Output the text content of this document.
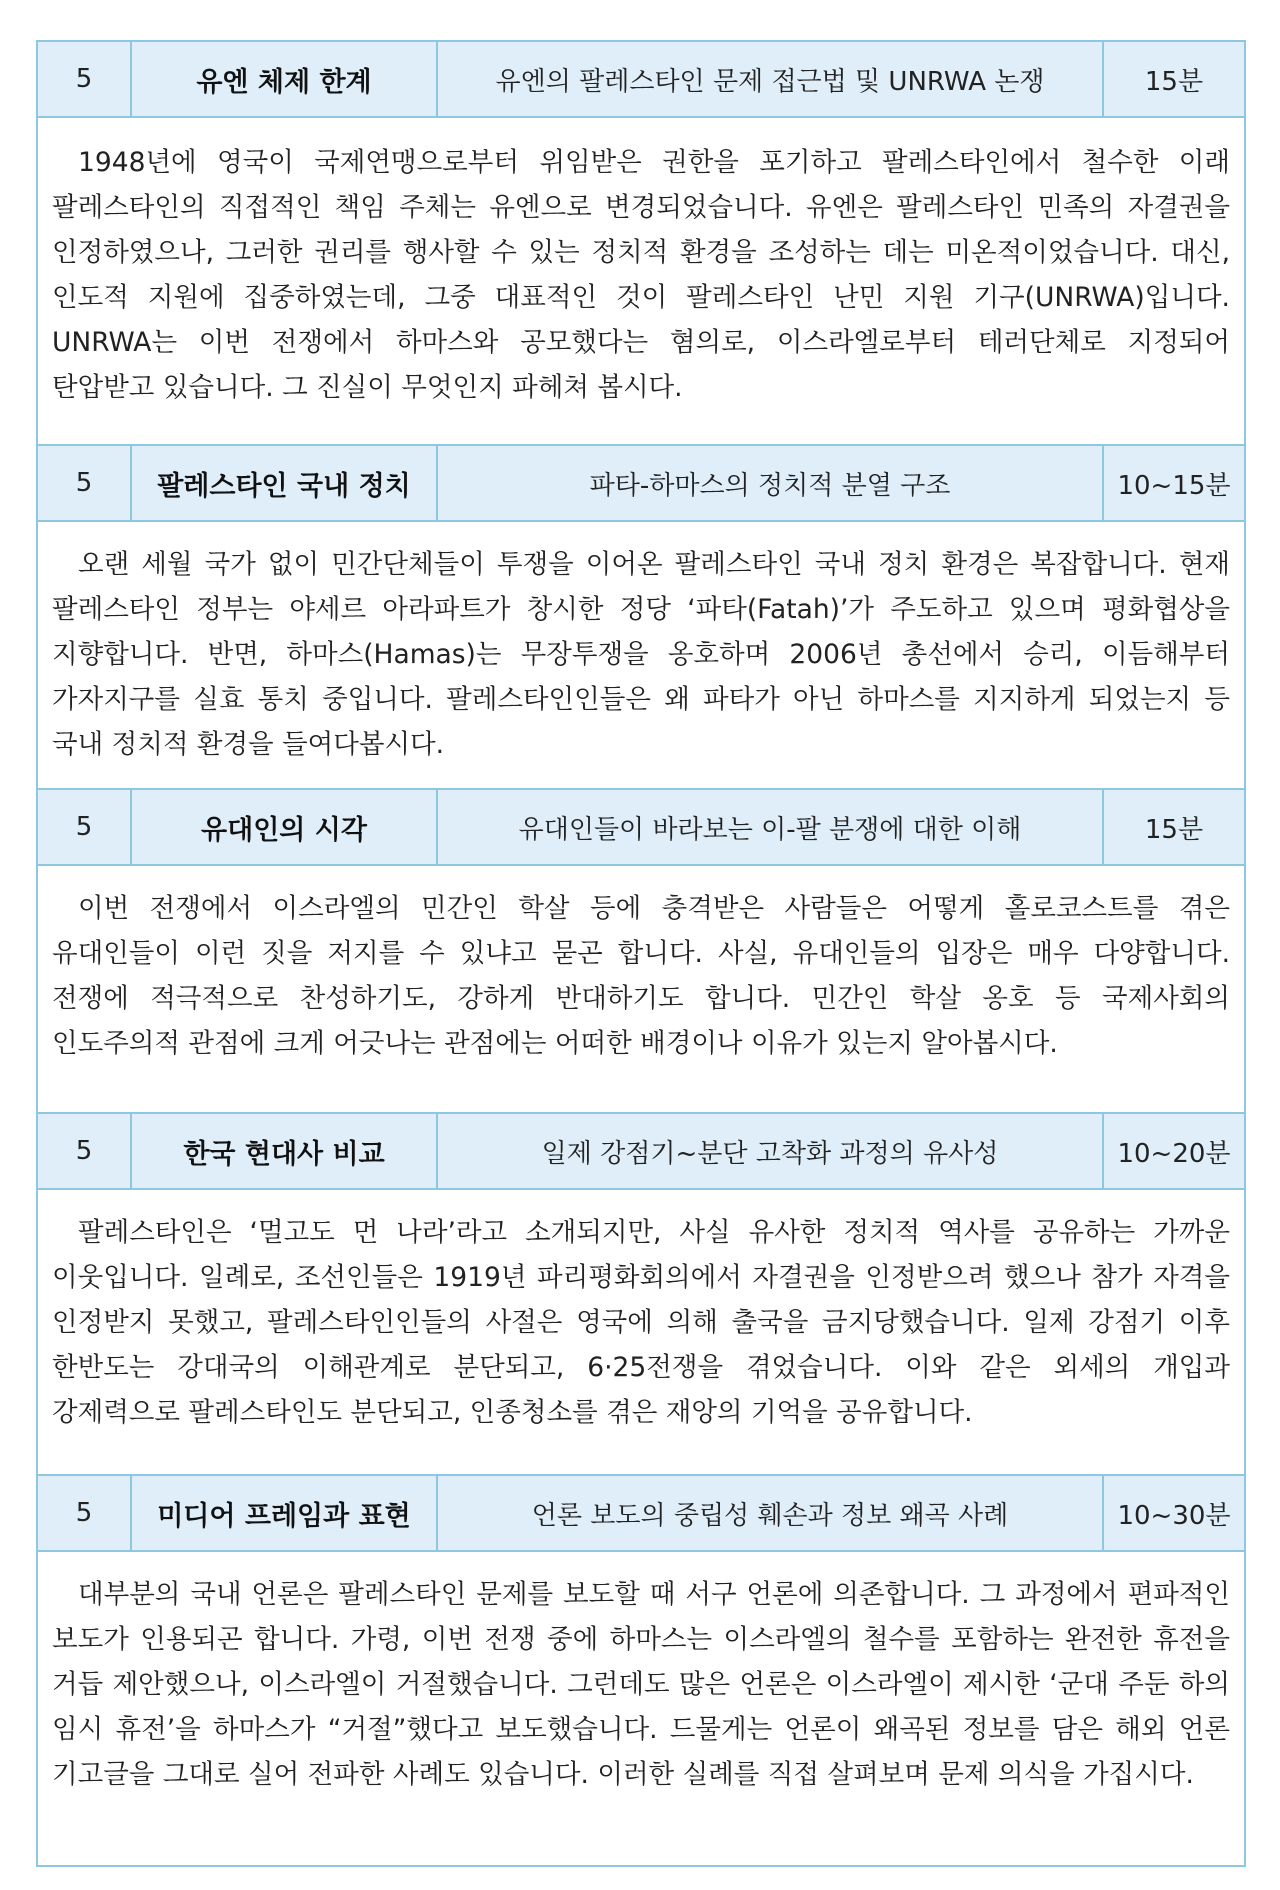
5	유엔 체제 한계	유엔의 팔레스타인 문제 접근법 및 UNRWA 논쟁	15분
1948년에 영국이 국제연맹으로부터 위임받은 권한을 포기하고 팔레스타인에서 철수한 이래 팔레스타인의 직접적인 책임 주체는 유엔으로 변경되었습니다. 유엔은 팔레스타인 민족의 자결권을 인정하였으나, 그러한 권리를 행사할 수 있는 정치적 환경을 조성하는 데는 미온적이었습니다. 대신, 인도적 지원에 집중하였는데, 그중 대표적인 것이 팔레스타인 난민 지원 기구(UNRWA)입니다. UNRWA는 이번 전쟁에서 하마스와 공모했다는 혐의로, 이스라엘로부터 테러단체로 지정되어 탄압받고 있습니다. 그 진실이 무엇인지 파헤쳐 봅시다.
5	팔레스타인 국내 정치	파타-하마스의 정치적 분열 구조	10~15분
오랜 세월 국가 없이 민간단체들이 투쟁을 이어온 팔레스타인 국내 정치 환경은 복잡합니다. 현재 팔레스타인 정부는 야세르 아라파트가 창시한 정당 ‘파타(Fatah)’가 주도하고 있으며 평화협상을 지향합니다. 반면, 하마스(Hamas)는 무장투쟁을 옹호하며 2006년 총선에서 승리, 이듬해부터 가자지구를 실효 통치 중입니다. 팔레스타인인들은 왜 파타가 아닌 하마스를 지지하게 되었는지 등 국내 정치적 환경을 들여다봅시다.
5	유대인의 시각	유대인들이 바라보는 이-팔 분쟁에 대한 이해	15분
이번 전쟁에서 이스라엘의 민간인 학살 등에 충격받은 사람들은 어떻게 홀로코스트를 겪은 유대인들이 이런 짓을 저지를 수 있냐고 묻곤 합니다. 사실, 유대인들의 입장은 매우 다양합니다. 전쟁에 적극적으로 찬성하기도, 강하게 반대하기도 합니다. 민간인 학살 옹호 등 국제사회의 인도주의적 관점에 크게 어긋나는 관점에는 어떠한 배경이나 이유가 있는지 알아봅시다.
5	한국 현대사 비교	일제 강점기~분단 고착화 과정의 유사성	10~20분
팔레스타인은 ‘멀고도 먼 나라’라고 소개되지만, 사실 유사한 정치적 역사를 공유하는 가까운 이웃입니다. 일례로, 조선인들은 1919년 파리평화회의에서 자결권을 인정받으려 했으나 참가 자격을 인정받지 못했고, 팔레스타인인들의 사절은 영국에 의해 출국을 금지당했습니다. 일제 강점기 이후 한반도는 강대국의 이해관계로 분단되고, 6·25전쟁을 겪었습니다. 이와 같은 외세의 개입과 강제력으로 팔레스타인도 분단되고, 인종청소를 겪은 재앙의 기억을 공유합니다.
5	미디어 프레임과 표현	언론 보도의 중립성 훼손과 정보 왜곡 사례	10~30분
대부분의 국내 언론은 팔레스타인 문제를 보도할 때 서구 언론에 의존합니다. 그 과정에서 편파적인 보도가 인용되곤 합니다. 가령, 이번 전쟁 중에 하마스는 이스라엘의 철수를 포함하는 완전한 휴전을 거듭 제안했으나, 이스라엘이 거절했습니다. 그런데도 많은 언론은 이스라엘이 제시한 ‘군대 주둔 하의 임시 휴전’을 하마스가 “거절”했다고 보도했습니다. 드물게는 언론이 왜곡된 정보를 담은 해외 언론 기고글을 그대로 실어 전파한 사례도 있습니다. 이러한 실례를 직접 살펴보며 문제 의식을 가집시다.
